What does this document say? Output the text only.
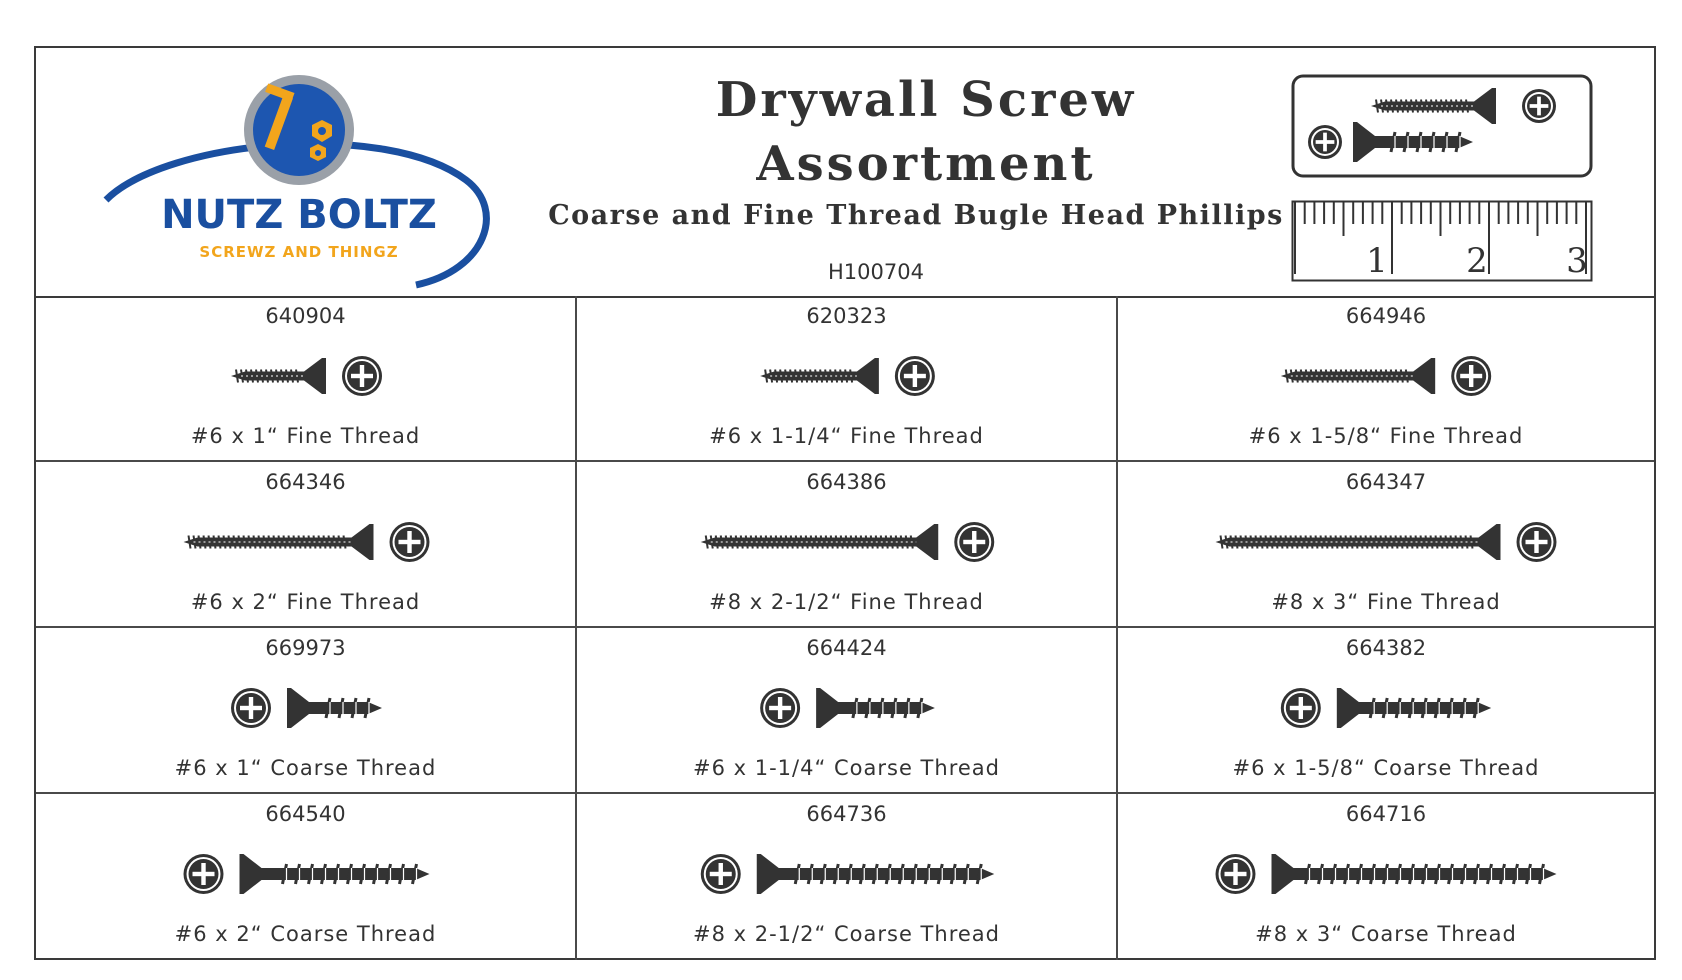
NUTZ BOLTZ
SCREWZ AND THINGZ
Drywall Screw
Assortment
Coarse and Fine Thread Bugle Head Phillips
H100704	1 2 3
640904
#6 x 1“ Fine Thread
620323
#6 x 1-1/4“ Fine Thread
664946
#6 x 1-5/8“ Fine Thread
664346
#6 x 2“ Fine Thread
664386
#8 x 2-1/2“ Fine Thread
664347
#8 x 3“ Fine Thread
669973
#6 x 1“ Coarse Thread
664424
#6 x 1-1/4“ Coarse Thread
664382
#6 x 1-5/8“ Coarse Thread
664540
#6 x 2“ Coarse Thread
664736
#8 x 2-1/2“ Coarse Thread
664716
#8 x 3“ Coarse Thread
